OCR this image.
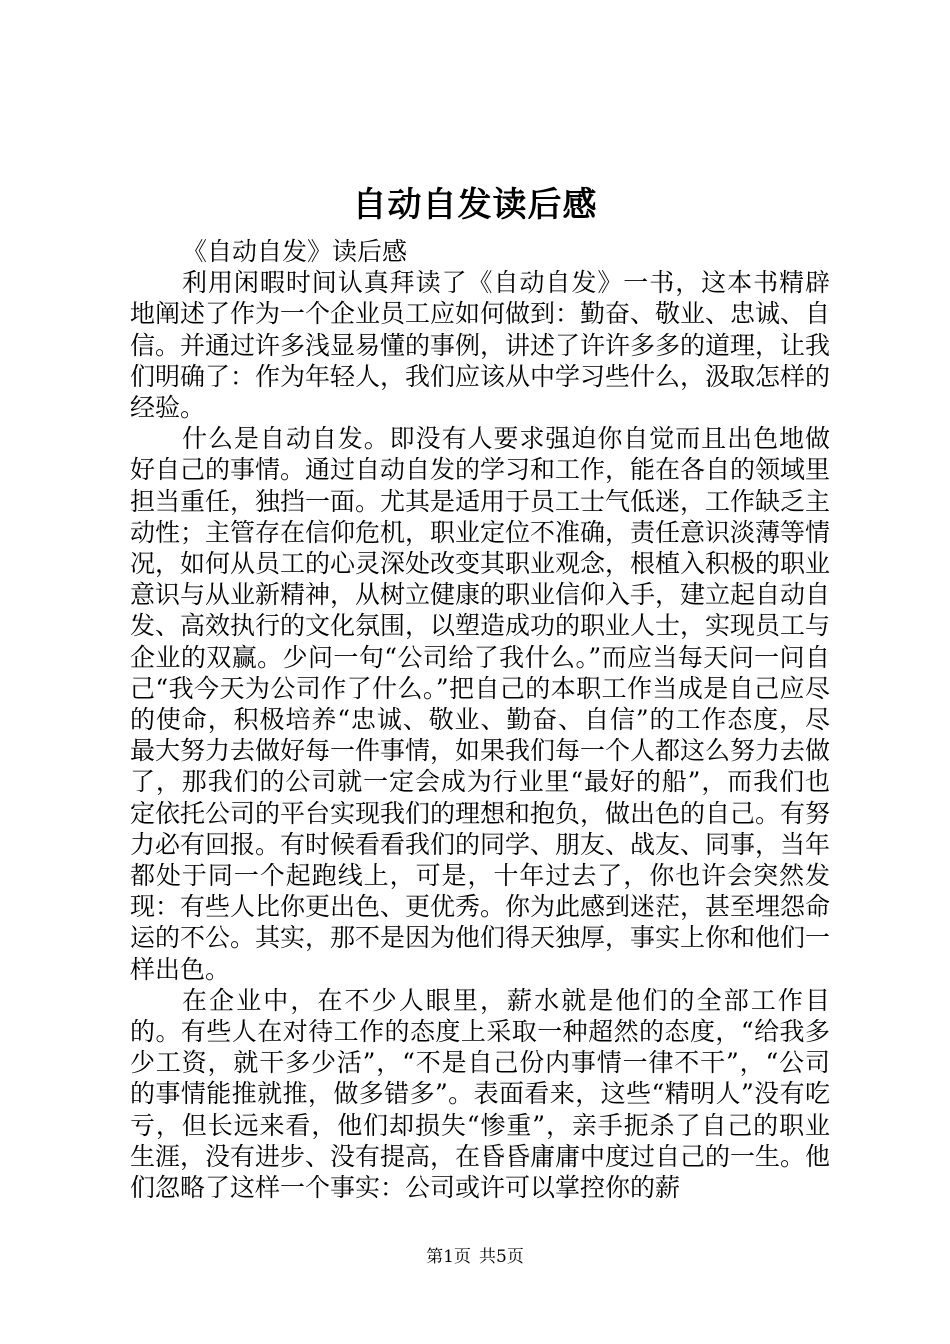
自动自发读后感

《自动自发》读后感

利用闲暇时间认真拜读了《自动自发》一书，这本书精辟地阐述了作为一个企业员工应如何做到：勤奋、敬业、忠诚、自信。并通过许多浅显易懂的事例，讲述了许许多多的道理，让我们明确了：作为年轻人，我们应该从中学习些什么，汲取怎样的经验。

什么是自动自发。即没有人要求强迫你自觉而且出色地做好自己的事情。通过自动自发的学习和工作，能在各自的领域里担当重任，独挡一面。尤其是适用于员工士气低迷，工作缺乏主动性；主管存在信仰危机，职业定位不准确，责任意识淡薄等情况，如何从员工的心灵深处改变其职业观念，根植入积极的职业意识与从业新精神，从树立健康的职业信仰入手，建立起自动自发、高效执行的文化氛围，以塑造成功的职业人士，实现员工与企业的双赢。少问一句“公司给了我什么。”而应当每天问一问自己“我今天为公司作了什么。”把自己的本职工作当成是自己应尽的使命，积极培养“忠诚、敬业、勤奋、自信”的工作态度，尽最大努力去做好每一件事情，如果我们每一个人都这么努力去做了，那我们的公司就一定会成为行业里“最好的船”，而我们也定依托公司的平台实现我们的理想和抱负，做出色的自己。有努力必有回报。有时候看看我们的同学、朋友、战友、同事，当年都处于同一个起跑线上，可是，十年过去了，你也许会突然发现：有些人比你更出色、更优秀。你为此感到迷茫，甚至埋怨命运的不公。其实，那不是因为他们得天独厚，事实上你和他们一样出色。

在企业中，在不少人眼里，薪水就是他们的全部工作目的。有些人在对待工作的态度上采取一种超然的态度，“给我多少工资，就干多少活”，“不是自己份内事情一律不干”，“公司的事情能推就推，做多错多”。表面看来，这些“精明人”没有吃亏，但长远来看，他们却损失“惨重”，亲手扼杀了自己的职业生涯，没有进步、没有提高，在昏昏庸庸中度过自己的一生。他们忽略了这样一个事实：公司或许可以掌控你的薪

第1页 共5页
